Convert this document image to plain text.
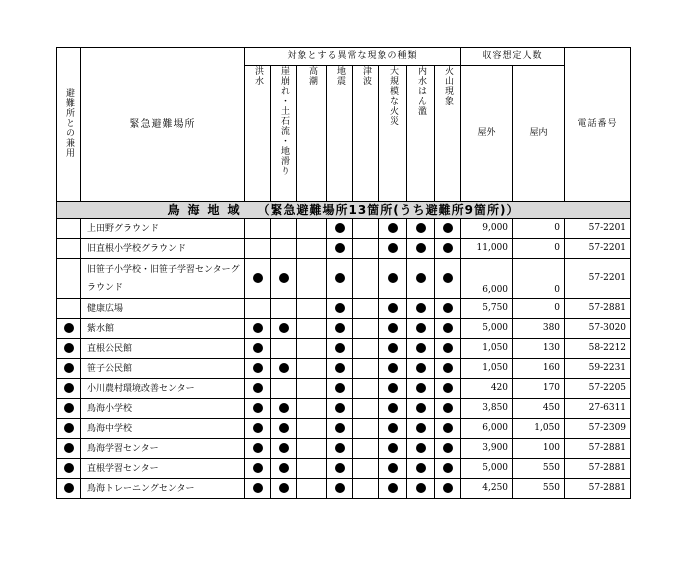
避難所との兼用	緊急避難場所	対象とする異常な現象の種類								収容想定人数		電話番号
		洪水	崖崩れ・土石流・地滑り	高潮	地震	津波	大規模な火災	内水はん濫	火山現象	屋外	屋内	
鳥海地域 （緊急避難場所13箇所(うち避難所9箇所)）												
	上田野グラウンド									9,000	0	57-2201
	旧直根小学校グラウンド									11,000	0	57-2201
	旧笹子小学校・旧笹子学習センターグラウンド									6,000	0	57-2201
	健康広場									5,750	0	57-2881
	紫水館									5,000	380	57-3020
	直根公民館									1,050	130	58-2212
	笹子公民館									1,050	160	59-2231
	小川農村環境改善センター									420	170	57-2205
	鳥海小学校									3,850	450	27-6311
	鳥海中学校									6,000	1,050	57-2309
	鳥海学習センター									3,900	100	57-2881
	直根学習センター									5,000	550	57-2881
	鳥海トレーニングセンター									4,250	550	57-2881
